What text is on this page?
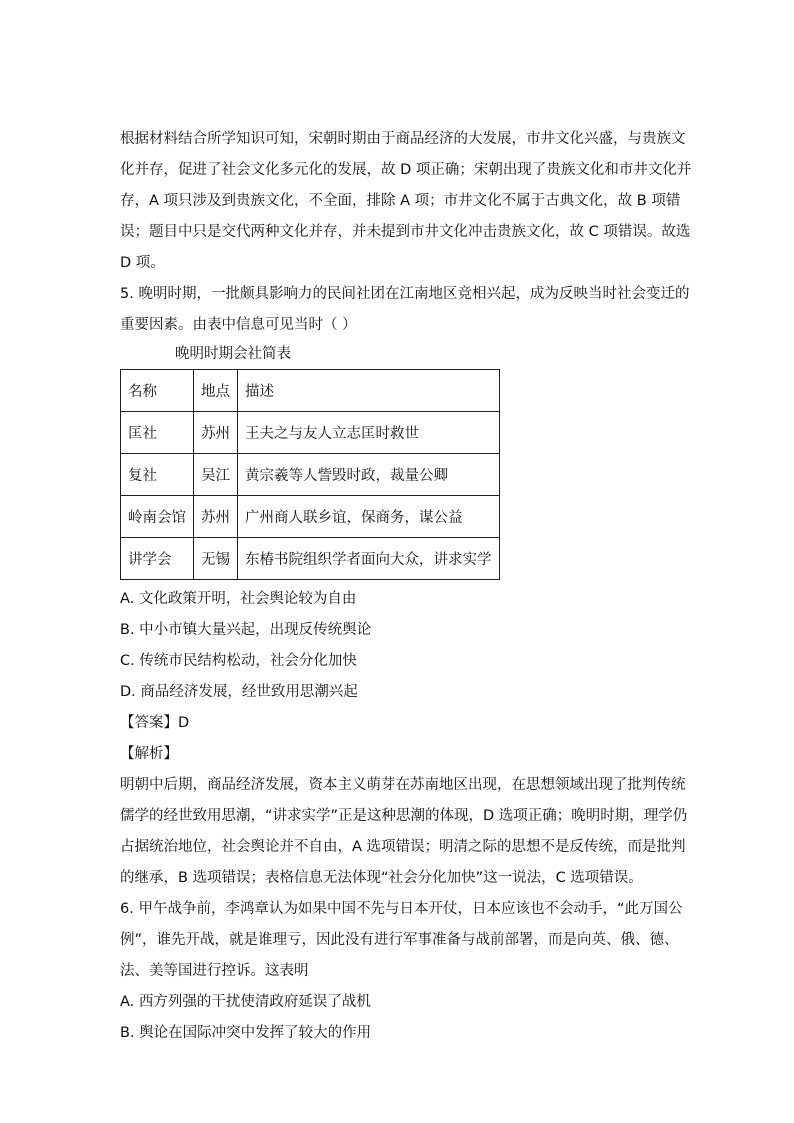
根据材料结合所学知识可知，宋朝时期由于商品经济的大发展，市井文化兴盛，与贵族文
化并存，促进了社会文化多元化的发展，故 D 项正确；宋朝出现了贵族文化和市井文化并
存，A 项只涉及到贵族文化，不全面，排除 A 项；市井文化不属于古典文化，故 B 项错
误；题目中只是交代两种文化并存，并未提到市井文化冲击贵族文化，故 C 项错误。故选
D 项。
5. 晚明时期，一批颇具影响力的民间社团在江南地区竞相兴起，成为反映当时社会变迁的
重要因素。由表中信息可见当时（ ）
晚明时期会社简表
名称	地点	描述
匡社	苏州	王夫之与友人立志匡时救世
复社	吴江	黄宗羲等人訾毁时政，裁量公卿
岭南会馆	苏州	广州商人联乡谊，保商务，谋公益
讲学会	无锡	东椿书院组织学者面向大众，讲求实学
A. 文化政策开明，社会舆论较为自由
B. 中小市镇大量兴起，出现反传统舆论
C. 传统市民结构松动，社会分化加快
D. 商品经济发展，经世致用思潮兴起
【答案】D
【解析】
明朝中后期，商品经济发展，资本主义萌芽在苏南地区出现，在思想领域出现了批判传统
儒学的经世致用思潮，“讲求实学”正是这种思潮的体现，D 选项正确；晚明时期，理学仍
占据统治地位，社会舆论并不自由，A 选项错误；明清之际的思想不是反传统，而是批判
的继承，B 选项错误；表格信息无法体现“社会分化加快”这一说法，C 选项错误。
6. 甲午战争前，李鸿章认为如果中国不先与日本开仗，日本应该也不会动手，“此万国公
例”，谁先开战，就是谁理亏，因此没有进行军事准备与战前部署，而是向英、俄、德、
法、美等国进行控诉。这表明
A. 西方列强的干扰使清政府延误了战机
B. 舆论在国际冲突中发挥了较大的作用
